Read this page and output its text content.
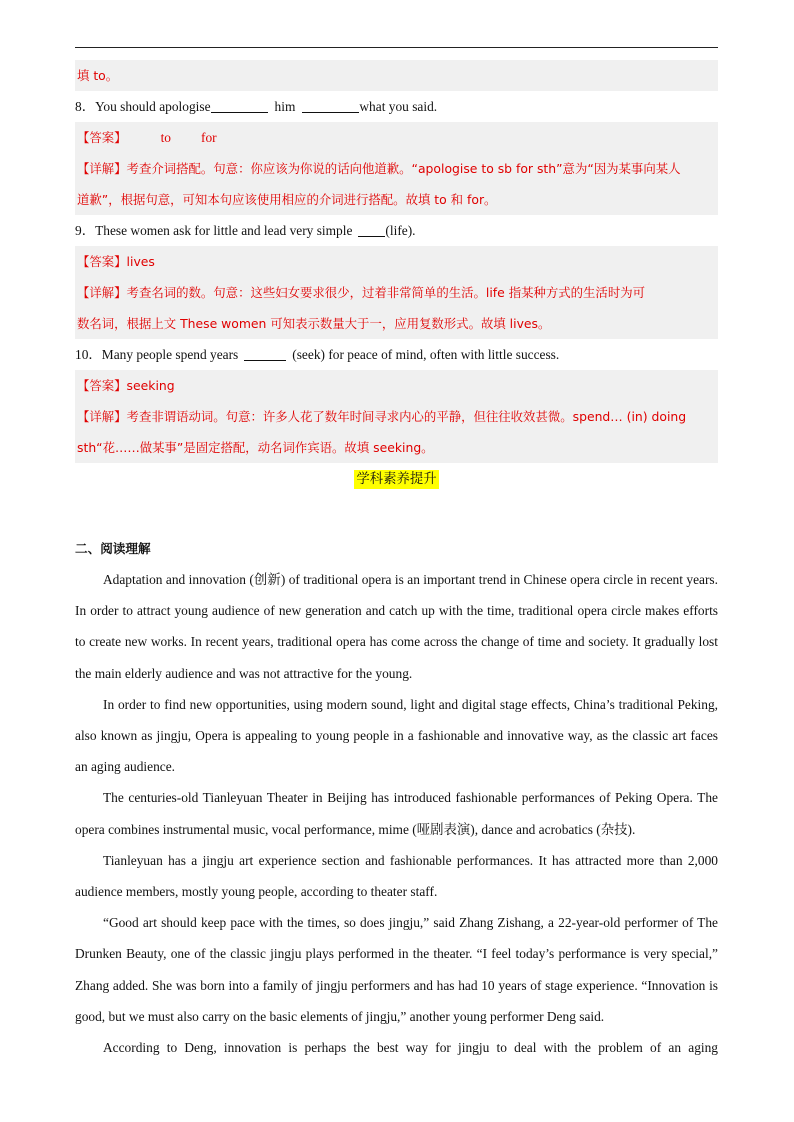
填 to。
8．You should apologise	him	what you said.
【答案】	to for
【详解】考查介词搭配。句意：你应该为你说的话向他道歉。“apologise to sb for sth”意为“因为某事向某人
道歉”，根据句意，可知本句应该使用相应的介词进行搭配。故填 to 和 for。
9．These women ask for little and lead very simple (life).
【答案】lives
【详解】考查名词的数。句意：这些妇女要求很少，过着非常简单的生活。life 指某种方式的生活时为可
数名词，根据上文 These women 可知表示数量大于一，应用复数形式。故填 lives。
10．Many people spend years	(seek) for peace of mind, often with little success.
【答案】seeking
【详解】考查非谓语动词。句意：许多人花了数年时间寻求内心的平静，但往往收效甚微。spend… (in) doing
sth“花……做某事”是固定搭配，动名词作宾语。故填 seeking。
学科素养提升
二、阅读理解

Adaptation and innovation (创新) of traditional opera is an important trend in Chinese opera circle in recent years. In order to attract young audience of new generation and catch up with the time, traditional opera circle makes efforts to create new works. In recent years, traditional opera has come across the change of time and society. It gradually lost the main elderly audience and was not attractive for the young.

In order to find new opportunities, using modern sound, light and digital stage effects, China’s traditional Peking, also known as jingju, Opera is appealing to young people in a fashionable and innovative way, as the classic art faces an aging audience.

The centuries-old Tianleyuan Theater in Beijing has introduced fashionable performances of Peking Opera. The opera combines instrumental music, vocal performance, mime (哑剧表演), dance and acrobatics (杂技).

Tianleyuan has a jingju art experience section and fashionable performances. It has attracted more than 2,000 audience members, mostly young people, according to theater staff.

“Good art should keep pace with the times, so does jingju,” said Zhang Zishang, a 22-year-old performer of The Drunken Beauty, one of the classic jingju plays performed in the theater. “I feel today’s performance is very special,” Zhang added. She was born into a family of jingju performers and has had 10 years of stage experience. “Innovation is good, but we must also carry on the basic elements of jingju,” another young performer Deng said.

According to Deng, innovation is perhaps the best way for jingju to deal with the problem of an aging
